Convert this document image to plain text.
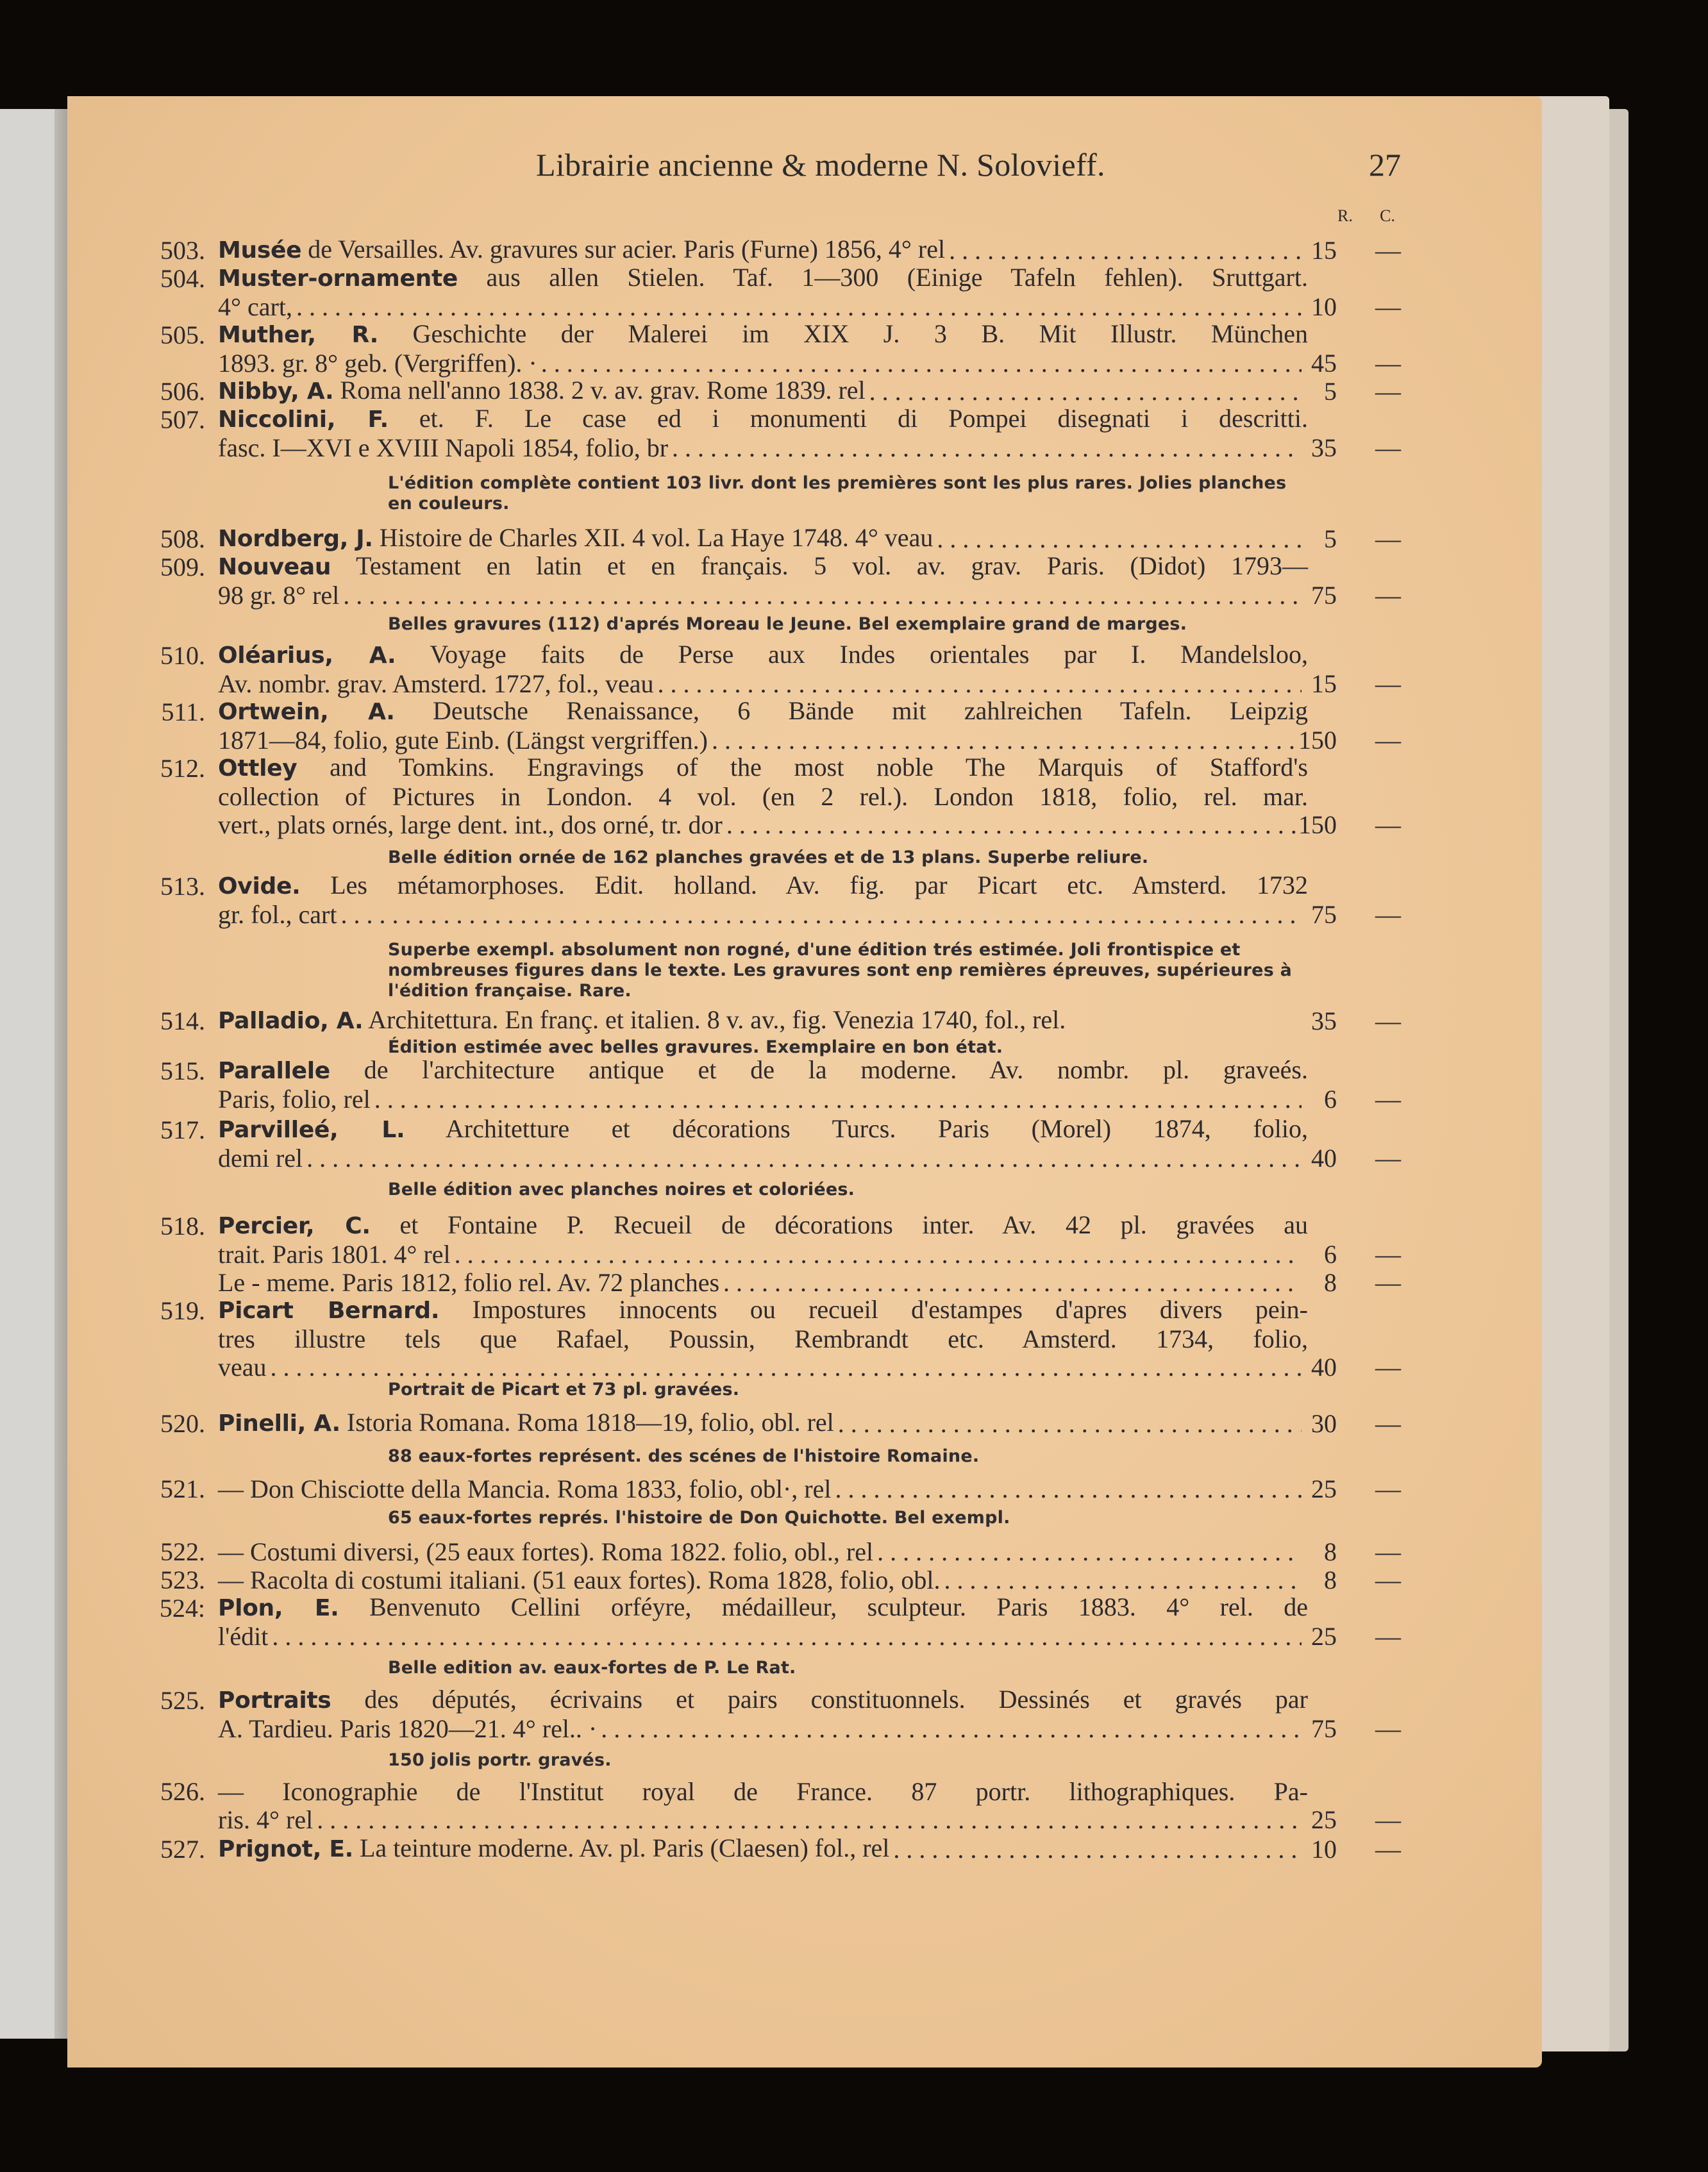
Librairie ancienne & moderne N. Solovieff.	27
R. C.
503. Musée de Versailles. Av. gravures sur acier. Paris (Furne) 1856, 4° rel . . .	15 —
504. Muster-ornamente aus allen Stielen. Taf. 1—300 (Einige Tafeln fehlen). Sruttgart.
4° cart, . . .	10 —
505. Muther, R. Geschichte der Malerei im XIX J. 3 B. Mit Illustr. München
1893. gr. 8° geb. (Vergriffen). · . . .	45 —
506. Nibby, A. Roma nell'anno 1838. 2 v. av. grav. Rome 1839. rel . . .	5 —
507. Niccolini, F. et. F. Le case ed i monumenti di Pompei disegnati i descritti.
fasc. I—XVI e XVIII Napoli 1854, folio, br . . .	35 —
508. Nordberg, J. Histoire de Charles XII. 4 vol. La Haye 1748. 4° veau . . .	5 —
509. Nouveau Testament en latin et en français. 5 vol. av. grav. Paris. (Didot) 1793—
98 gr. 8° rel . . .	75 —
510. Oléarius, A. Voyage faits de Perse aux Indes orientales par I. Mandelsloo,
Av. nombr. grav. Amsterd. 1727, fol., veau . . .	15 —
511. Ortwein, A. Deutsche Renaissance, 6 Bände mit zahlreichen Tafeln. Leipzig
1871—84, folio, gute Einb. (Längst vergriffen.) . . .	150 —
512. Ottley and Tomkins. Engravings of the most noble The Marquis of Stafford's
collection of Pictures in London. 4 vol. (en 2 rel.). London 1818, folio, rel. mar.
vert., plats ornés, large dent. int., dos orné, tr. dor . . .	150 —
513. Ovide. Les métamorphoses. Edit. holland. Av. fig. par Picart etc. Amsterd. 1732
gr. fol., cart . . .	75 —
514. Palladio, A. Architettura. En franç. et italien. 8 v. av., fig. Venezia 1740, fol., rel.	35 —
515. Parallele de l'architecture antique et de la moderne. Av. nombr. pl. graveés.
Paris, folio, rel . . .	6 —
517. Parvilleé, L. Architetture et décorations Turcs. Paris (Morel) 1874, folio,
demi rel . . .	40 —
518. Percier, C. et Fontaine P. Recueil de décorations inter. Av. 42 pl. gravées au
trait. Paris 1801. 4° rel . . .	6 —
Le - meme. Paris 1812, folio rel. Av. 72 planches . . .	8 —
519. Picart Bernard. Impostures innocents ou recueil d'estampes d'apres divers pein-
tres illustre tels que Rafael, Poussin, Rembrandt etc. Amsterd. 1734, folio,
veau . . .	40 —
520. Pinelli, A. Istoria Romana. Roma 1818—19, folio, obl. rel . . .	30 —
521. — Don Chisciotte della Mancia. Roma 1833, folio, obl·, rel . . .	25 —
522. — Costumi diversi, (25 eaux fortes). Roma 1822. folio, obl., rel . . .	8 —
523. — Racolta di costumi italiani. (51 eaux fortes). Roma 1828, folio, obl. . . .	8 —
524: Plon, E. Benvenuto Cellini orféyre, médailleur, sculpteur. Paris 1883. 4° rel. de
l'édit . . .	25 —
525. Portraits des députés, écrivains et pairs constituonnels. Dessinés et gravés par
A. Tardieu. Paris 1820—21. 4° rel.. · . . .	75 —
526. — Iconographie de l'Institut royal de France. 87 portr. lithographiques. Pa-
ris. 4° rel . . .	25 —
527. Prignot, E. La teinture moderne. Av. pl. Paris (Claesen) fol., rel . . .	10 —
L'édition complète contient 103 livr. dont les premières sont les plus rares. Jolies planches en couleurs.
Belles gravures (112) d'aprés Moreau le Jeune. Bel exemplaire grand de marges.
Belle édition ornée de 162 planches gravées et de 13 plans. Superbe reliure.
Superbe exempl. absolument non rogné, d'une édition trés estimée. Joli frontispice et nombreuses figures dans le texte. Les gravures sont enp remières épreuves, supérieures à l'édition française. Rare.
Édition estimée avec belles gravures. Exemplaire en bon état.
Belle édition avec planches noires et coloriées.
Portrait de Picart et 73 pl. gravées.
88 eaux-fortes représent. des scénes de l'histoire Romaine.
65 eaux-fortes représ. l'histoire de Don Quichotte. Bel exempl.
Belle edition av. eaux-fortes de P. Le Rat.
150 jolis portr. gravés.
